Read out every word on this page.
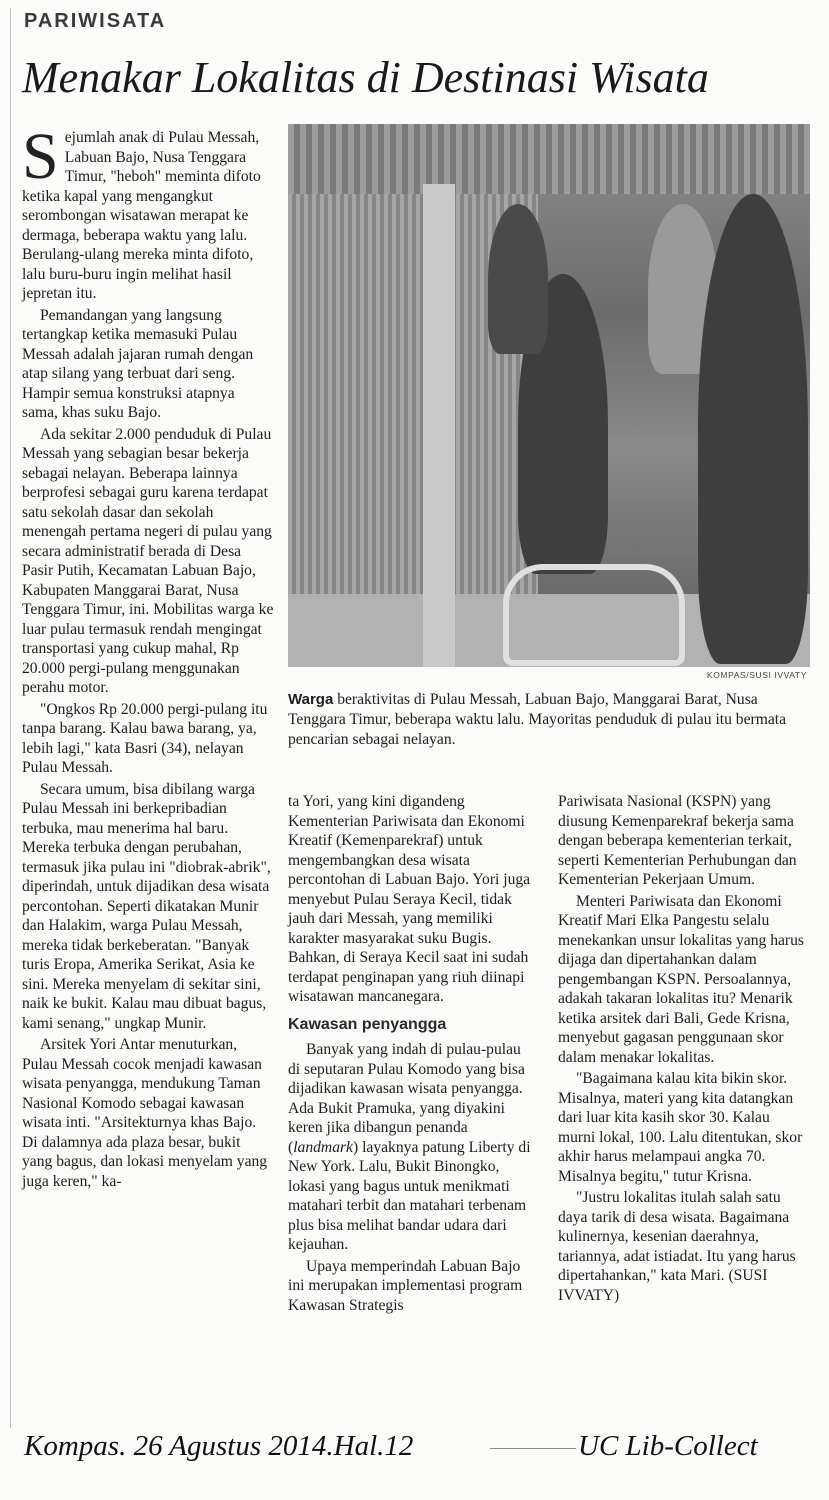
PARIWISATA
Menakar Lokalitas di Destinasi Wisata

Sejumlah anak di Pulau Messah, Labuan Bajo, Nusa Tenggara Timur, "heboh" meminta difoto ketika kapal yang mengangkut serombongan wisatawan merapat ke dermaga, beberapa waktu yang lalu. Berulang-ulang mereka minta difoto, lalu buru-buru ingin melihat hasil jepretan itu.

Pemandangan yang langsung tertangkap ketika memasuki Pulau Messah adalah jajaran rumah dengan atap silang yang terbuat dari seng. Hampir semua konstruksi atapnya sama, khas suku Bajo.

Ada sekitar 2.000 penduduk di Pulau Messah yang sebagian besar bekerja sebagai nelayan. Beberapa lainnya berprofesi sebagai guru karena terdapat satu sekolah dasar dan sekolah menengah pertama negeri di pulau yang secara administratif berada di Desa Pasir Putih, Kecamatan Labuan Bajo, Kabupaten Manggarai Barat, Nusa Tenggara Timur, ini. Mobilitas warga ke luar pulau termasuk rendah mengingat transportasi yang cukup mahal, Rp 20.000 pergi-pulang menggunakan perahu motor.

"Ongkos Rp 20.000 pergi-pulang itu tanpa barang. Kalau bawa barang, ya, lebih lagi," kata Basri (34), nelayan Pulau Messah.

Secara umum, bisa dibilang warga Pulau Messah ini berkepribadian terbuka, mau menerima hal baru. Mereka terbuka dengan perubahan, termasuk jika pulau ini "diobrak-abrik", diperindah, untuk dijadikan desa wisata percontohan. Seperti dikatakan Munir dan Halakim, warga Pulau Messah, mereka tidak berkeberatan. "Banyak turis Eropa, Amerika Serikat, Asia ke sini. Mereka menyelam di sekitar sini, naik ke bukit. Kalau mau dibuat bagus, kami senang," ungkap Munir.

Arsitek Yori Antar menuturkan, Pulau Messah cocok menjadi kawasan wisata penyangga, mendukung Taman Nasional Komodo sebagai kawasan wisata inti. "Arsitekturnya khas Bajo. Di dalamnya ada plaza besar, bukit yang bagus, dan lokasi menyelam yang juga keren," ka-

KOMPAS/SUSI IVVATY
Warga beraktivitas di Pulau Messah, Labuan Bajo, Manggarai Barat, Nusa Tenggara Timur, beberapa waktu lalu. Mayoritas penduduk di pulau itu bermata pencarian sebagai nelayan.

ta Yori, yang kini digandeng Kementerian Pariwisata dan Ekonomi Kreatif (Kemenparekraf) untuk mengembangkan desa wisata percontohan di Labuan Bajo. Yori juga menyebut Pulau Seraya Kecil, tidak jauh dari Messah, yang memiliki karakter masyarakat suku Bugis. Bahkan, di Seraya Kecil saat ini sudah terdapat penginapan yang riuh diinapi wisatawan mancanegara.

Kawasan penyangga

Banyak yang indah di pulau-pulau di seputaran Pulau Komodo yang bisa dijadikan kawasan wisata penyangga. Ada Bukit Pramuka, yang diyakini keren jika dibangun penanda (landmark) layaknya patung Liberty di New York. Lalu, Bukit Binongko, lokasi yang bagus untuk menikmati matahari terbit dan matahari terbenam plus bisa melihat bandar udara dari kejauhan.

Upaya memperindah Labuan Bajo ini merupakan implementasi program Kawasan Strategis

Pariwisata Nasional (KSPN) yang diusung Kemenparekraf bekerja sama dengan beberapa kementerian terkait, seperti Kementerian Perhubungan dan Kementerian Pekerjaan Umum.

Menteri Pariwisata dan Ekonomi Kreatif Mari Elka Pangestu selalu menekankan unsur lokalitas yang harus dijaga dan dipertahankan dalam pengembangan KSPN. Persoalannya, adakah takaran lokalitas itu? Menarik ketika arsitek dari Bali, Gede Krisna, menyebut gagasan penggunaan skor dalam menakar lokalitas.

"Bagaimana kalau kita bikin skor. Misalnya, materi yang kita datangkan dari luar kita kasih skor 30. Kalau murni lokal, 100. Lalu ditentukan, skor akhir harus melampaui angka 70. Misalnya begitu," tutur Krisna.

"Justru lokalitas itulah salah satu daya tarik di desa wisata. Bagaimana kulinernya, kesenian daerahnya, tariannya, adat istiadat. Itu yang harus dipertahankan," kata Mari. (SUSI IVVATY)

Kompas. 26 Agustus 2014.Hal.12	UC Lib-Collect
